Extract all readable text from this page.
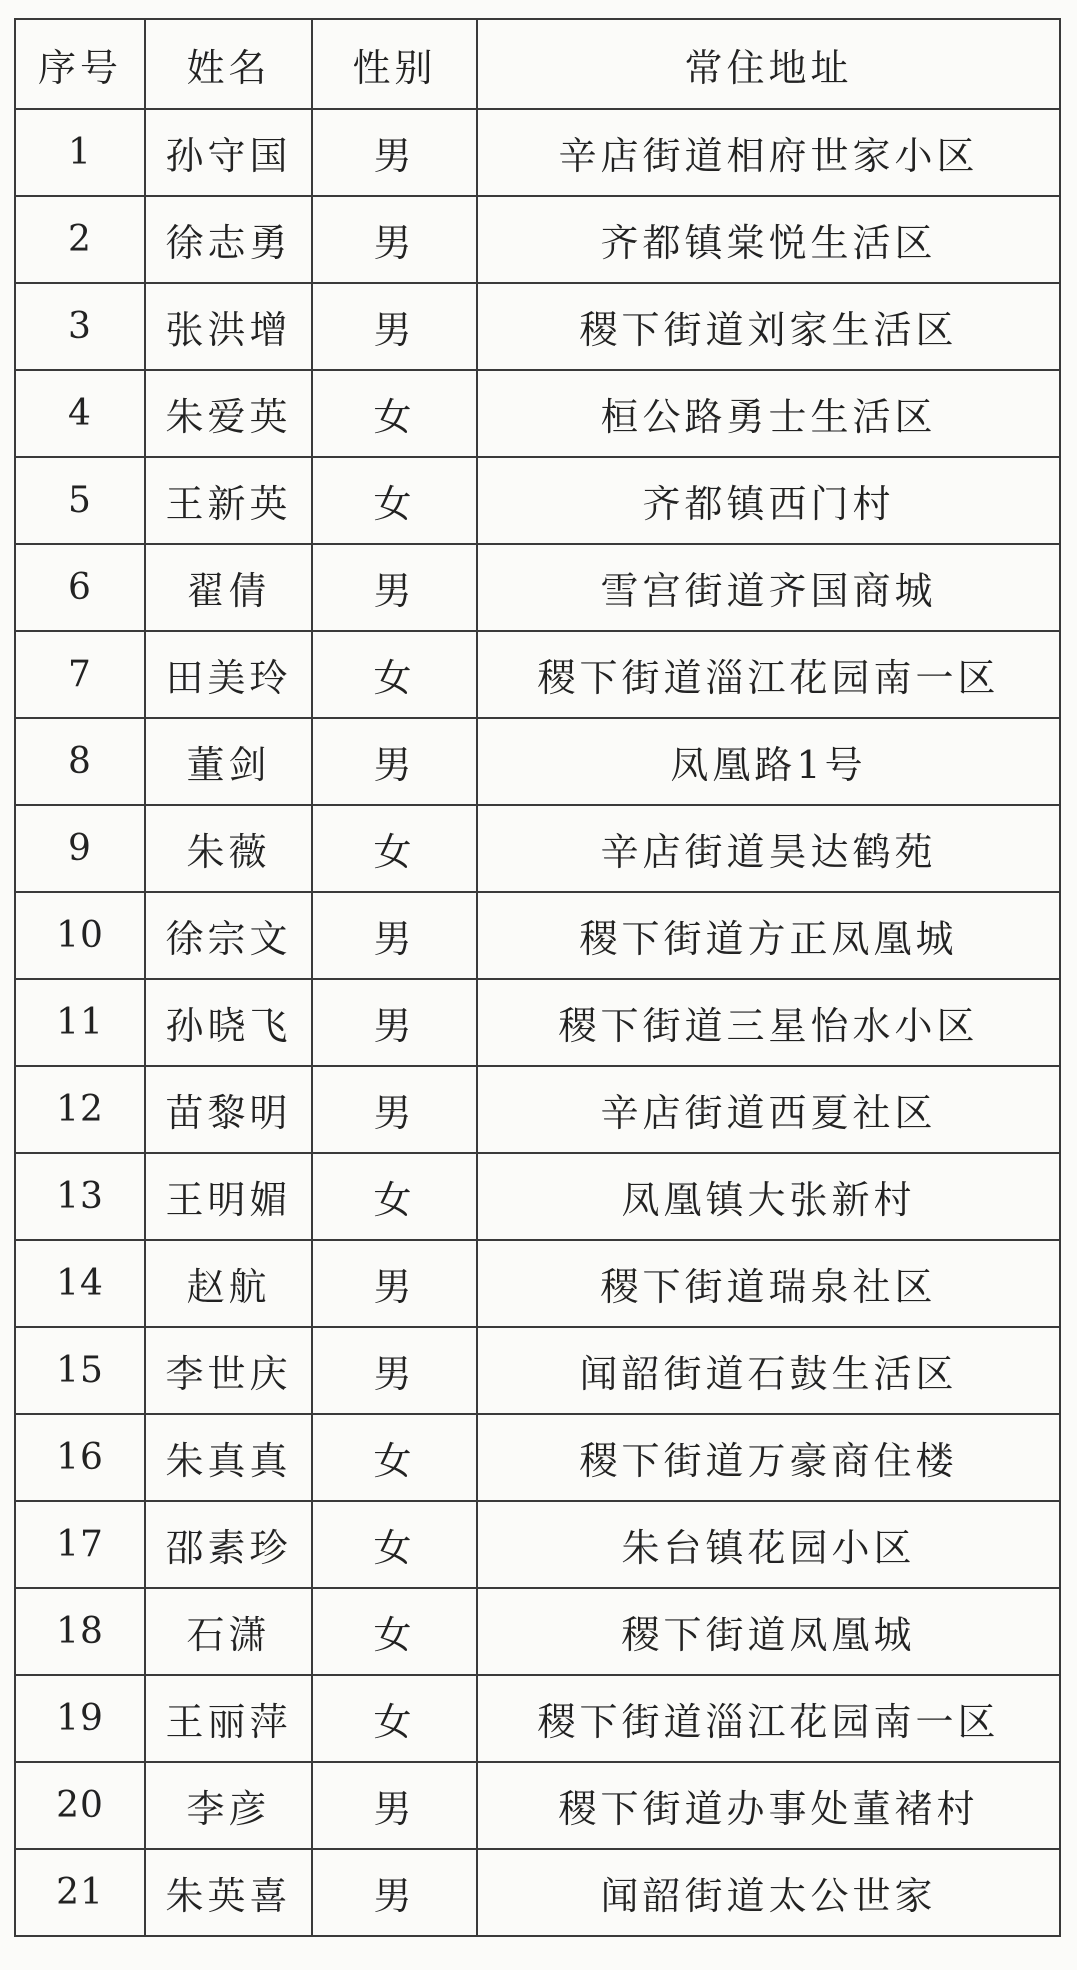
序号	姓名	性别	常住地址
1	孙守国	男	辛店街道相府世家小区
2	徐志勇	男	齐都镇棠悦生活区
3	张洪增	男	稷下街道刘家生活区
4	朱爱英	女	桓公路勇士生活区
5	王新英	女	齐都镇西门村
6	翟倩	男	雪宫街道齐国商城
7	田美玲	女	稷下街道淄江花园南一区
8	董剑	男	凤凰路1号
9	朱薇	女	辛店街道昊达鹤苑
10	徐宗文	男	稷下街道方正凤凰城
11	孙晓飞	男	稷下街道三星怡水小区
12	苗黎明	男	辛店街道西夏社区
13	王明媚	女	凤凰镇大张新村
14	赵航	男	稷下街道瑞泉社区
15	李世庆	男	闻韶街道石鼓生活区
16	朱真真	女	稷下街道万豪商住楼
17	邵素珍	女	朱台镇花园小区
18	石潇	女	稷下街道凤凰城
19	王丽萍	女	稷下街道淄江花园南一区
20	李彦	男	稷下街道办事处董褚村
21	朱英喜	男	闻韶街道太公世家
